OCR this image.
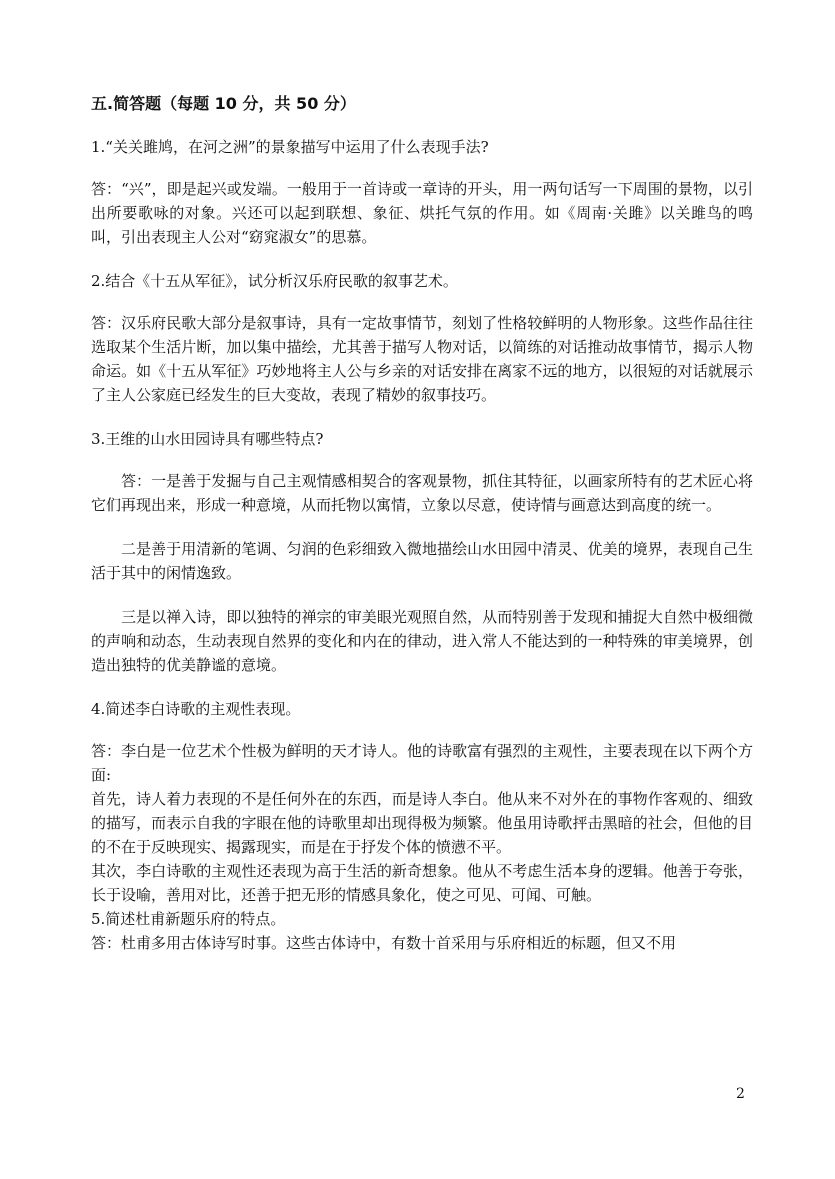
五.简答题（每题 10 分，共 50 分）
1.“关关雎鸠，在河之洲”的景象描写中运用了什么表现手法?
答：“兴”，即是起兴或发端。一般用于一首诗或一章诗的开头，用一两句话写一下周围的景物，以引出所要歌咏的对象。兴还可以起到联想、象征、烘托气氛的作用。如《周南·关雎》以关雎鸟的鸣叫，引出表现主人公对“窈窕淑女”的思慕。
2.结合《十五从军征》，试分析汉乐府民歌的叙事艺术。
答：汉乐府民歌大部分是叙事诗，具有一定故事情节，刻划了性格较鲜明的人物形象。这些作品往往选取某个生活片断，加以集中描绘，尤其善于描写人物对话，以简练的对话推动故事情节，揭示人物命运。如《十五从军征》巧妙地将主人公与乡亲的对话安排在离家不远的地方，以很短的对话就展示了主人公家庭已经发生的巨大变故，表现了精妙的叙事技巧。
3.王维的山水田园诗具有哪些特点?
答：一是善于发掘与自己主观情感相契合的客观景物，抓住其特征，以画家所特有的艺术匠心将它们再现出来，形成一种意境，从而托物以寓情，立象以尽意，使诗情与画意达到高度的统一。
二是善于用清新的笔调、匀润的色彩细致入微地描绘山水田园中清灵、优美的境界，表现自己生活于其中的闲情逸致。
三是以禅入诗，即以独特的禅宗的审美眼光观照自然，从而特别善于发现和捕捉大自然中极细微的声响和动态，生动表现自然界的变化和内在的律动，进入常人不能达到的一种特殊的审美境界，创造出独特的优美静谧的意境。
4.简述李白诗歌的主观性表现。
答：李白是一位艺术个性极为鲜明的天才诗人。他的诗歌富有强烈的主观性，主要表现在以下两个方面:
首先，诗人着力表现的不是任何外在的东西，而是诗人李白。他从来不对外在的事物作客观的、细致的描写，而表示自我的字眼在他的诗歌里却出现得极为频繁。他虽用诗歌抨击黑暗的社会，但他的目的不在于反映现实、揭露现实，而是在于抒发个体的愤懑不平。
其次，李白诗歌的主观性还表现为高于生活的新奇想象。他从不考虑生活本身的逻辑。他善于夸张，长于设喻，善用对比，还善于把无形的情感具象化，使之可见、可闻、可触。
5.简述杜甫新题乐府的特点。
答：杜甫多用古体诗写时事。这些古体诗中，有数十首采用与乐府相近的标题，但又不用
2
